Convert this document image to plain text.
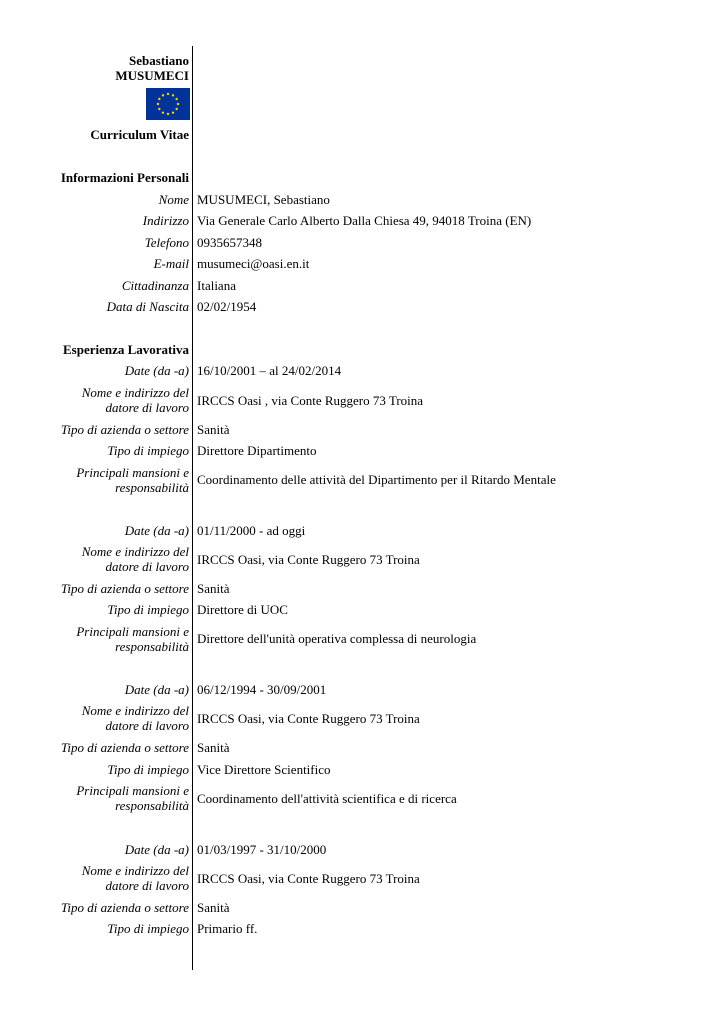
Sebastiano
MUSUMECI
Curriculum Vitae
Informazioni Personali
Nome MUSUMECI, Sebastiano
Indirizzo Via Generale Carlo Alberto Dalla Chiesa 49, 94018 Troina (EN)
Telefono 0935657348
E-mail musumeci@oasi.en.it
Cittadinanza Italiana
Data di Nascita 02/02/1954
Esperienza Lavorativa
Date (da -a) 16/10/2001 – al 24/02/2014
Nome e indirizzo del
datore di lavoro IRCCS Oasi , via Conte Ruggero 73 Troina
Tipo di azienda o settore Sanità
Tipo di impiego Direttore Dipartimento
Principali mansioni e
responsabilità
Coordinamento delle attività del Dipartimento per il Ritardo Mentale
Date (da -a) 01/11/2000 - ad oggi
Nome e indirizzo del
datore di lavoro IRCCS Oasi, via Conte Ruggero 73 Troina
Tipo di azienda o settore Sanità
Tipo di impiego Direttore di UOC
Principali mansioni e
responsabilità
Direttore dell'unità operativa complessa di neurologia
Date (da -a) 06/12/1994 - 30/09/2001
Nome e indirizzo del
datore di lavoro IRCCS Oasi, via Conte Ruggero 73 Troina
Tipo di azienda o settore Sanità
Tipo di impiego Vice Direttore Scientifico
Principali mansioni e
responsabilità Coordinamento dell'attività scientifica e di ricerca
Date (da -a) 01/03/1997 - 31/10/2000
Nome e indirizzo del
datore di lavoro IRCCS Oasi, via Conte Ruggero 73 Troina
Tipo di azienda o settore Sanità
Tipo di impiego Primario ff.
